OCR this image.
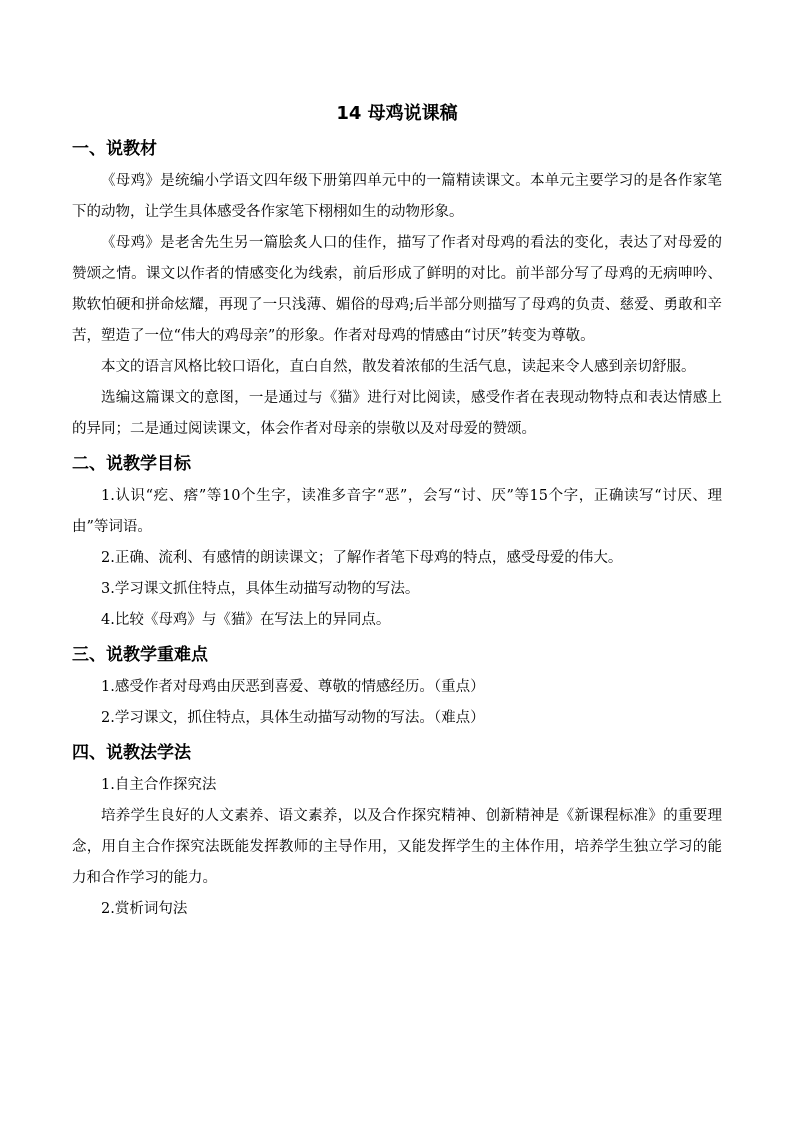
14 母鸡说课稿
一、说教材

《母鸡》是统编小学语文四年级下册第四单元中的一篇精读课文。本单元主要学习的是各作家笔下的动物，让学生具体感受各作家笔下栩栩如生的动物形象。

《母鸡》是老舍先生另一篇脍炙人口的佳作，描写了作者对母鸡的看法的变化，表达了对母爱的赞颂之情。课文以作者的情感变化为线索，前后形成了鲜明的对比。前半部分写了母鸡的无病呻吟、欺软怕硬和拼命炫耀，再现了一只浅薄、媚俗的母鸡;后半部分则描写了母鸡的负责、慈爱、勇敢和辛苦，塑造了一位“伟大的鸡母亲”的形象。作者对母鸡的情感由“讨厌”转变为尊敬。

本文的语言风格比较口语化，直白自然，散发着浓郁的生活气息，读起来令人感到亲切舒服。

选编这篇课文的意图，一是通过与《猫》进行对比阅读，感受作者在表现动物特点和表达情感上的异同；二是通过阅读课文，体会作者对母亲的崇敬以及对母爱的赞颂。

二、说教学目标

1.认识“疙、瘩”等10个生字，读准多音字“恶”，会写“讨、厌”等15个字，正确读写“讨厌、理由”等词语。

2.正确、流利、有感情的朗读课文；了解作者笔下母鸡的特点，感受母爱的伟大。

3.学习课文抓住特点，具体生动描写动物的写法。

4.比较《母鸡》与《猫》在写法上的异同点。

三、说教学重难点

1.感受作者对母鸡由厌恶到喜爱、尊敬的情感经历。（重点）

2.学习课文，抓住特点，具体生动描写动物的写法。（难点）

四、说教法学法

1.自主合作探究法

培养学生良好的人文素养、语文素养，以及合作探究精神、创新精神是《新课程标准》的重要理念，用自主合作探究法既能发挥教师的主导作用，又能发挥学生的主体作用，培养学生独立学习的能力和合作学习的能力。

2.赏析词句法
